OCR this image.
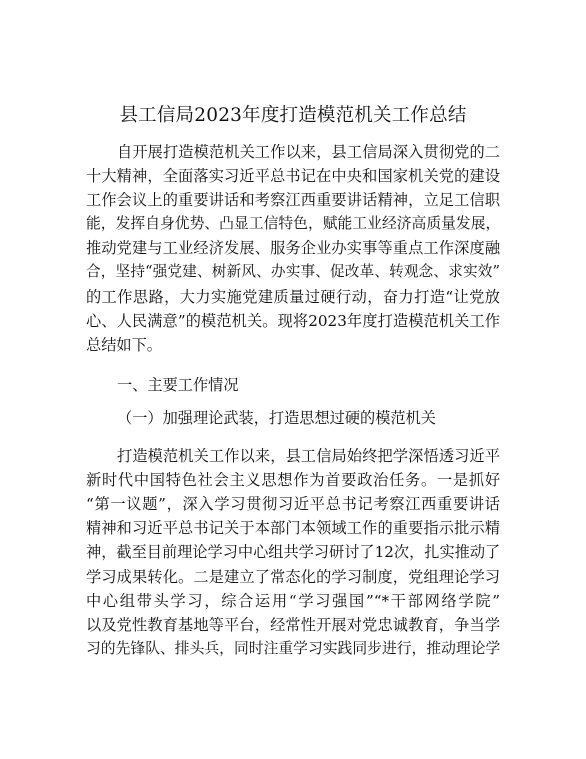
县工信局2023年度打造模范机关工作总结
自开展打造模范机关工作以来，县工信局深入贯彻党的二
十大精神，全面落实习近平总书记在中央和国家机关党的建设
工作会议上的重要讲话和考察江西重要讲话精神，立足工信职
能，发挥自身优势、凸显工信特色，赋能工业经济高质量发展，
推动党建与工业经济发展、服务企业办实事等重点工作深度融
合，坚持“强党建、树新风、办实事、促改革、转观念、求实效”
的工作思路，大力实施党建质量过硬行动，奋力打造“让党放
心、人民满意”的模范机关。现将2023年度打造模范机关工作
总结如下。
一、主要工作情况
（一）加强理论武装，打造思想过硬的模范机关
打造模范机关工作以来，县工信局始终把学深悟透习近平
新时代中国特色社会主义思想作为首要政治任务。一是抓好
“第一议题”，深入学习贯彻习近平总书记考察江西重要讲话
精神和习近平总书记关于本部门本领域工作的重要指示批示精
神，截至目前理论学习中心组共学习研讨了12次，扎实推动了
学习成果转化。二是建立了常态化的学习制度，党组理论学习
中心组带头学习，综合运用“学习强国”“*干部网络学院”
以及党性教育基地等平台，经常性开展对党忠诚教育，争当学
习的先锋队、排头兵，同时注重学习实践同步进行，推动理论学
